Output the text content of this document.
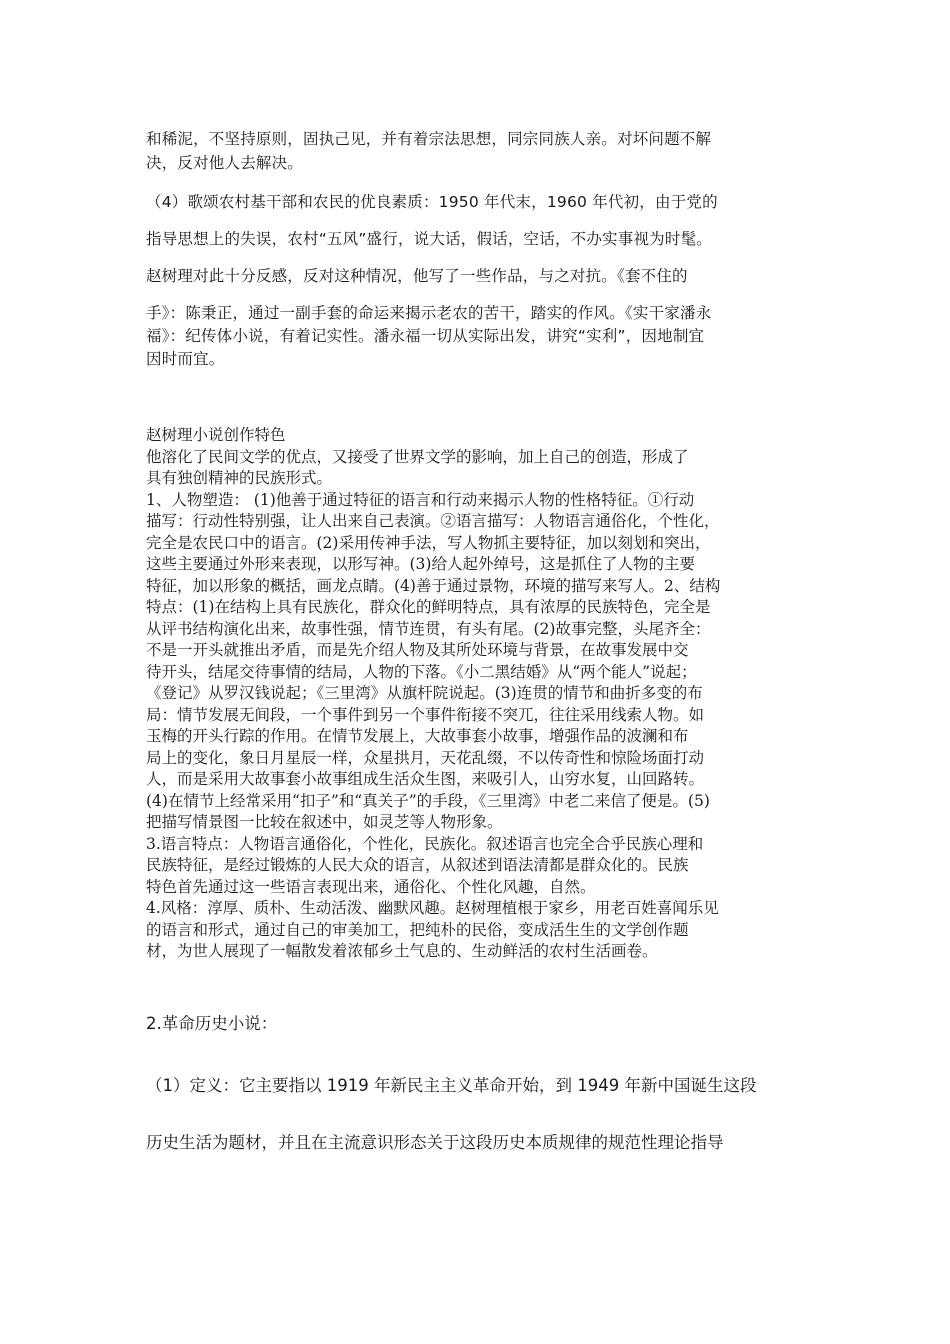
和稀泥，不坚持原则，固执己见，并有着宗法思想，同宗同族人亲。对坏问题不解
决，反对他人去解决。
（4）歌颂农村基干部和农民的优良素质：1950 年代末，1960 年代初，由于党的
指导思想上的失误，农村“五风”盛行，说大话，假话，空话，不办实事视为时髦。
赵树理对此十分反感，反对这种情况，他写了一些作品，与之对抗。《套不住的
手》：陈秉正，通过一副手套的命运来揭示老农的苦干，踏实的作风。《实干家潘永
福》：纪传体小说，有着记实性。潘永福一切从实际出发，讲究“实利”，因地制宜
因时而宜。
赵树理小说创作特色
他溶化了民间文学的优点，又接受了世界文学的影响，加上自己的创造，形成了
具有独创精神的民族形式。
1、人物塑造： (1)他善于通过特征的语言和行动来揭示人物的性格特征。①行动
描写：行动性特别强，让人出来自己表演。②语言描写：人物语言通俗化，个性化，
完全是农民口中的语言。(2)采用传神手法，写人物抓主要特征，加以刻划和突出，
这些主要通过外形来表现，以形写神。(3)给人起外绰号，这是抓住了人物的主要
特征，加以形象的概括，画龙点睛。(4)善于通过景物，环境的描写来写人。2、结构
特点：(1)在结构上具有民族化，群众化的鲜明特点，具有浓厚的民族特色，完全是
从评书结构演化出来，故事性强，情节连贯，有头有尾。(2)故事完整，头尾齐全：
不是一开头就推出矛盾，而是先介绍人物及其所处环境与背景，在故事发展中交
待开头，结尾交待事情的结局，人物的下落。《小二黑结婚》从“两个能人”说起；
《登记》从罗汉钱说起；《三里湾》从旗杆院说起。(3)连贯的情节和曲折多变的布
局：情节发展无间段，一个事件到另一个事件衔接不突兀，往往采用线索人物。如
玉梅的开头行踪的作用。在情节发展上，大故事套小故事，增强作品的波澜和布
局上的变化，象日月星辰一样，众星拱月，天花乱缀，不以传奇性和惊险场面打动
人，而是采用大故事套小故事组成生活众生图，来吸引人，山穷水复，山回路转。
(4)在情节上经常采用“扣子”和“真关子”的手段，《三里湾》中老二来信了便是。(5)
把描写情景图一比较在叙述中，如灵芝等人物形象。
3.语言特点：人物语言通俗化，个性化，民族化。叙述语言也完全合乎民族心理和
民族特征，是经过锻炼的人民大众的语言，从叙述到语法清都是群众化的。民族
特色首先通过这一些语言表现出来，通俗化、个性化风趣，自然。
4.风格：淳厚、质朴、生动活泼、幽默风趣。赵树理植根于家乡，用老百姓喜闻乐见
的语言和形式，通过自己的审美加工，把纯朴的民俗，变成活生生的文学创作题
材，为世人展现了一幅散发着浓郁乡土气息的、生动鲜活的农村生活画卷。
2.革命历史小说：
（1）定义：它主要指以 1919 年新民主主义革命开始，到 1949 年新中国诞生这段
历史生活为题材，并且在主流意识形态关于这段历史本质规律的规范性理论指导
